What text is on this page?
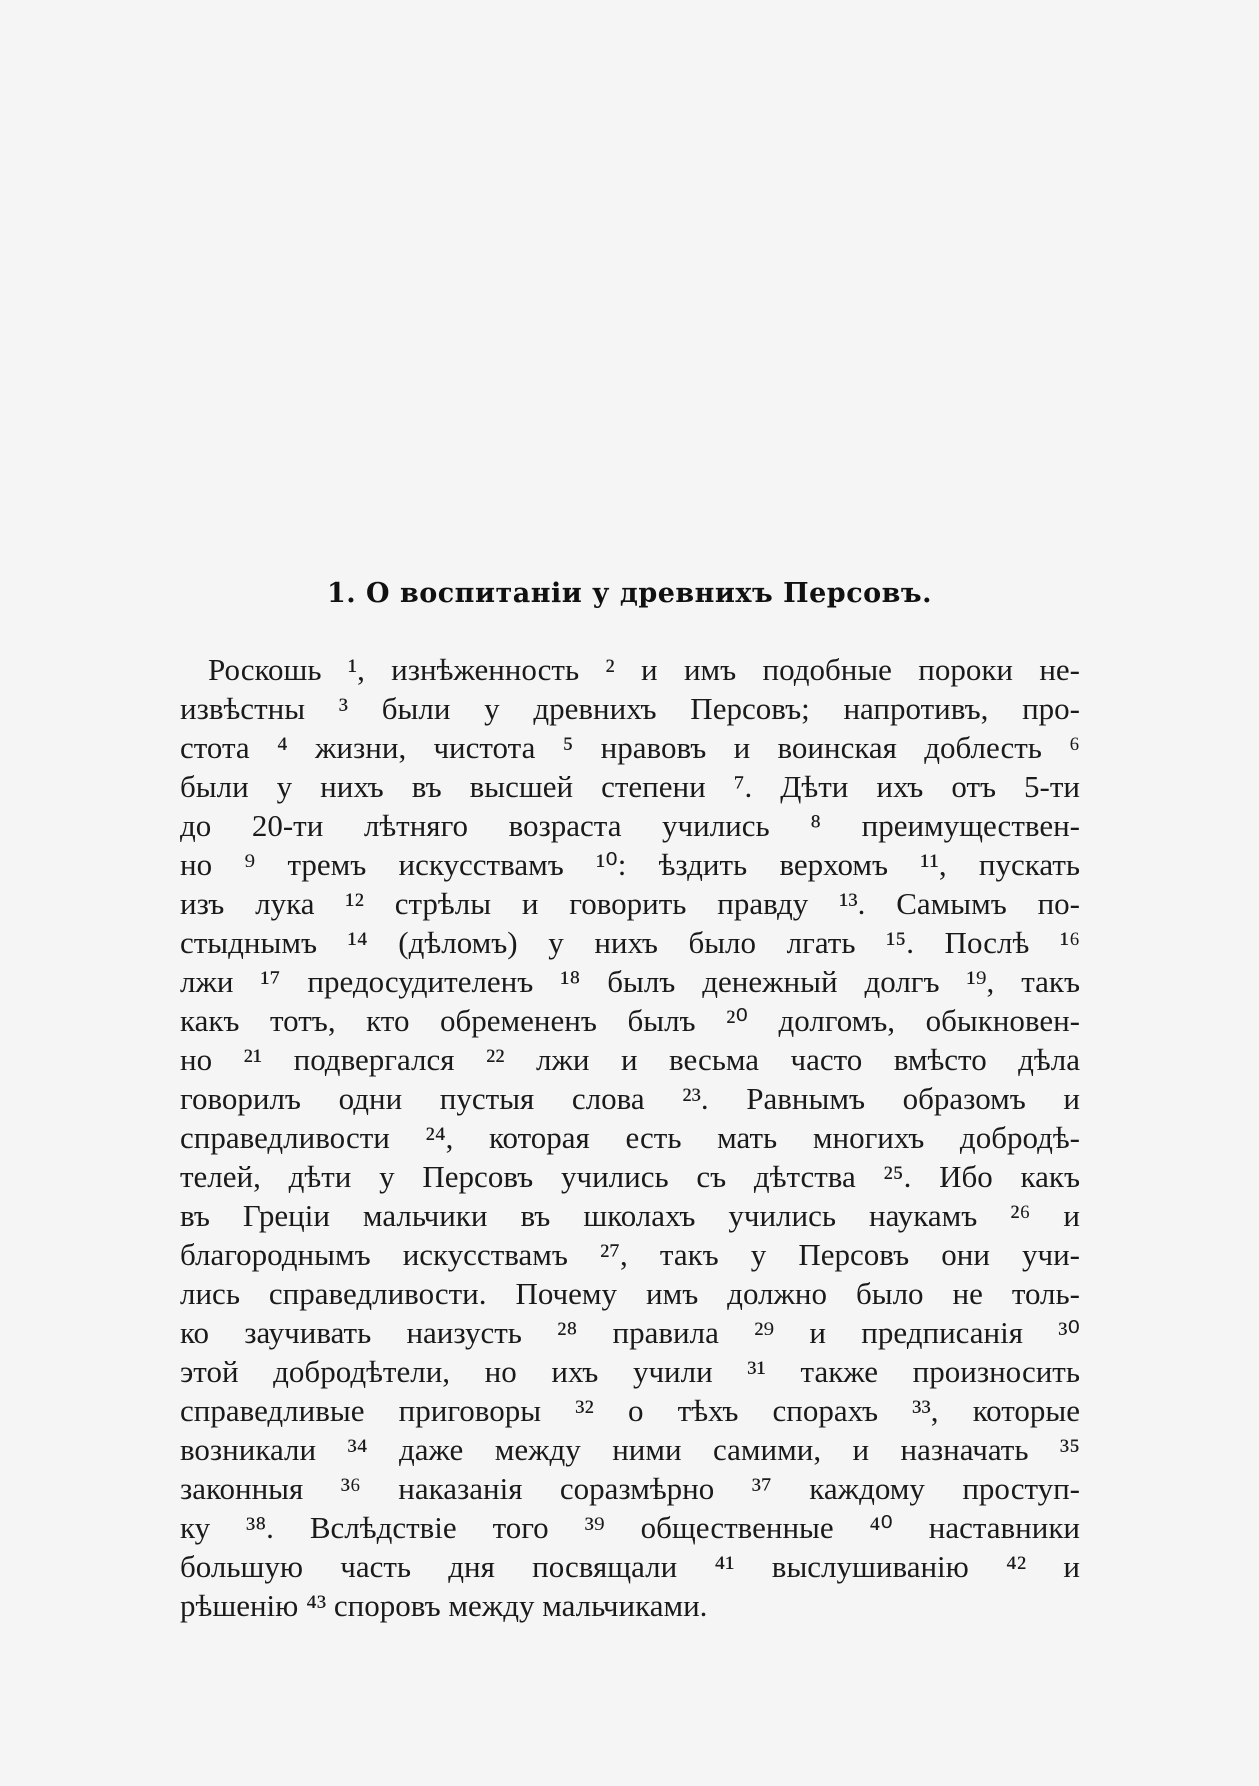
1. О воспитанiи у древнихъ Персовъ.
Роскошь ¹, изнѣженность ² и имъ подобные пороки не-
извѣстны ³ были у древнихъ Персовъ; напротивъ, про-
стота ⁴ жизни, чистота ⁵ нравовъ и воинская доблесть ⁶
были у нихъ въ высшей степени ⁷. Дѣти ихъ отъ 5-ти
до 20-ти лѣтняго возраста учились ⁸ преимуществен-
но ⁹ тремъ искусствамъ ¹⁰: ѣздить верхомъ ¹¹, пускать
изъ лука ¹² стрѣлы и говорить правду ¹³. Самымъ по-
стыднымъ ¹⁴ (дѣломъ) у нихъ было лгать ¹⁵. Послѣ ¹⁶
лжи ¹⁷ предосудителенъ ¹⁸ былъ денежный долгъ ¹⁹, такъ
какъ тотъ, кто обремененъ былъ ²⁰ долгомъ, обыкновен-
но ²¹ подвергался ²² лжи и весьма часто вмѣсто дѣла
говорилъ одни пустыя слова ²³. Равнымъ образомъ и
справедливости ²⁴, которая есть мать многихъ добродѣ-
телей, дѣти у Персовъ учились съ дѣтства ²⁵. Ибо какъ
въ Греціи мальчики въ школахъ учились наукамъ ²⁶ и
благороднымъ искусствамъ ²⁷, такъ у Персовъ они учи-
лись справедливости. Почему имъ должно было не толь-
ко заучивать наизусть ²⁸ правила ²⁹ и предписанія ³⁰
этой добродѣтели, но ихъ учили ³¹ также произносить
справедливые приговоры ³² о тѣхъ спорахъ ³³, которые
возникали ³⁴ даже между ними самими, и назначать ³⁵
законныя ³⁶ наказанія соразмѣрно ³⁷ каждому проступ-
ку ³⁸. Вслѣдствіе того ³⁹ общественные ⁴⁰ наставники
большую часть дня посвящали ⁴¹ выслушиванію ⁴² и
рѣшенію ⁴³ споровъ между мальчиками.
